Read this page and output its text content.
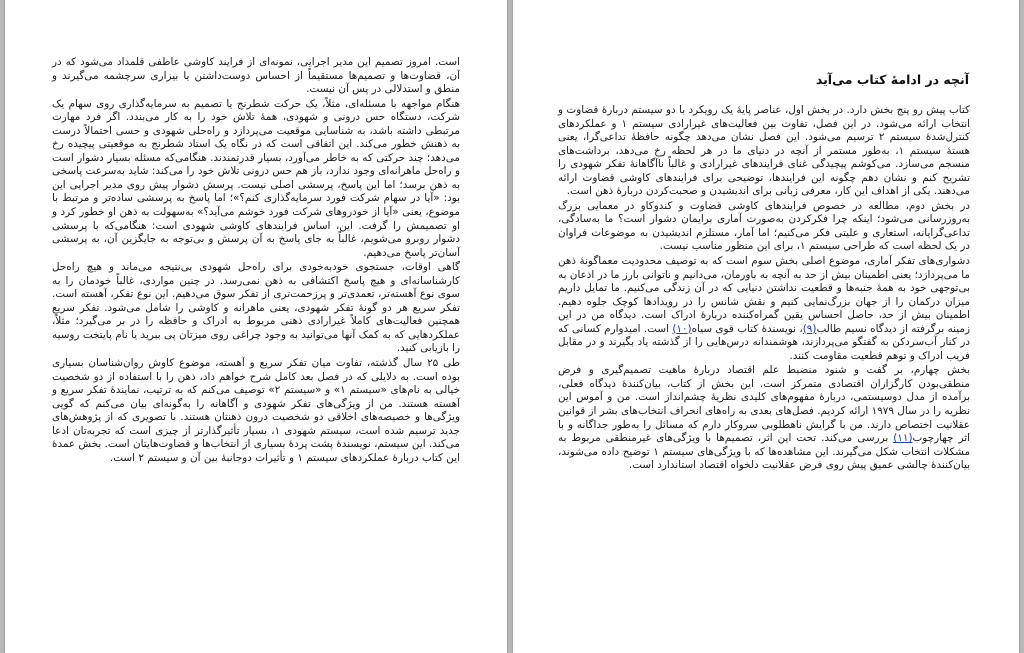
است. امروز تصمیم این مدیر اجرایی، نمونه‌ای از فرایند کاوشی عاطفی قلمداد می‌شود که در آن، قضاوت‌ها و تصمیم‌ها مستقیماً از احساس دوست‌داشتن یا بیزاری سرچشمه می‌گیرند و منطق و استدلالی در پس آن نیست.

هنگام مواجهه با مسئله‌ای، مثلاً، یک حرکت شطرنج یا تصمیم به سرمایه‌گذاری روی سهام یک شرکت، دستگاه حس درونی و شهودی، همهٔ تلاش خود را به کار می‌بندد. اگر فرد مهارت مرتبطی داشته باشد، به شناسایی موقعیت می‌پردازد و راه‌حلی شهودی و حسی احتمالاً درست به ذهنش خطور می‌کند. این اتفاقی است که در نگاه یک استاد شطرنج به موقعیتی پیچیده رخ می‌دهد؛ چند حرکتی که به خاطر می‌آورد، بسیار قدرتمندند. هنگامی‌که مسئله بسیار دشوار است و راه‌حل ماهرانه‌ای وجود ندارد، باز هم حس درونی تلاش خود را می‌کند: شاید به‌سرعت پاسخی به ذهن برسد؛ اما این پاسخ، پرسشی اصلی نیست. پرسش دشوار پیش روی مدیر اجرایی این بود: «آیا در سهام شرکت فورد سرمایه‌گذاری کنم؟»؛ اما پاسخ به پرسشی ساده‌تر و مرتبط با موضوع، یعنی «آیا از خودروهای شرکت فورد خوشم می‌آید؟» به‌سهولت به ذهن او خطور کرد و او تصمیمش را گرفت. این، اساس فرایندهای کاوشی شهودی است: هنگامی‌که با پرسشی دشوار روبرو می‌شویم، غالباً به جای پاسخ به آن پرسش و بی‌توجه به جایگزین آن، به پرسشی آسان‌تر پاسخ می‌دهیم.

گاهی اوقات، جستجوی خودبه‌خودی برای راه‌حل شهودی بی‌نتیجه می‌ماند و هیچ راه‌حل کارشناسانه‌ای و هیچ پاسخ اکتشافی به ذهن نمی‌رسد. در چنین مواردی، غالباً خودمان را به سوی نوع آهسته‌تر، تعمدی‌تر و پرزحمت‌تری از تفکر سوق می‌دهیم. این نوع تفکر، آهسته است. تفکر سریع هر دو گونهٔ تفکر شهودی، یعنی ماهرانه و کاوشی را شامل می‌شود. تفکر سریع همچنین فعالیت‌های کاملاً غیرارادی ذهنی مربوط به ادراک و حافظه را در بر می‌گیرد؛ مثلاً، عملکردهایی که به کمک آنها می‌توانید به وجود چراغی روی میزتان پی ببرید یا نام پایتخت روسیه را بازیابی کنید.

طی ۲۵ سال گذشته، تفاوت میان تفکر سریع و آهسته، موضوع کاوش روان‌شناسان بسیاری بوده است. به دلایلی که در فصل بعد کامل شرح خواهم داد، ذهن را با استفاده از دو شخصیت خیالی به نام‌های «سیستم ۱» و «سیستم ۲» توصیف می‌کنم که به ترتیب، نمایندهٔ تفکر سریع و آهسته هستند. من از ویژگی‌های تفکر شهودی و آگاهانه را به‌گونه‌ای بیان می‌کنم که گویی ویژگی‌ها و خصیصه‌های اخلاقی دو شخصیت درون ذهنتان هستند. با تصویری که از پژوهش‌های جدید ترسیم شده است، سیستم شهودی ۱، بسیار تأثیرگذارتر از چیزی است که تجربه‌تان ادعا می‌کند. این سیستم، نویسندهٔ پشت پردهٔ بسیاری از انتخاب‌ها و قضاوت‌هایتان است. بخش عمدهٔ این کتاب دربارهٔ عملکردهای سیستم ۱ و تأثیرات دوجانبهٔ بین آن و سیستم ۲ است.

آنچه در ادامهٔ کتاب می‌آید

کتاب پیش رو پنج بخش دارد. در بخش اول، عناصر پایهٔ یک رویکرد با دو سیستم دربارهٔ قضاوت و انتخاب ارائه می‌شود. در این فصل، تفاوت بین فعالیت‌های غیرارادی سیستم ۱ و عملکردهای کنترل‌شدهٔ سیستم ۲ ترسیم می‌شود. این فصل نشان می‌دهد چگونه حافظهٔ تداعی‌گرا، یعنی هستهٔ سیستم ۱، به‌طور مستمر از آنچه در دنیای ما در هر لحظه رخ می‌دهد، برداشت‌های منسجم می‌سازد. می‌کوشم پیچیدگی غنای فرایندهای غیرارادی و غالباً ناآگاهانهٔ تفکر شهودی را تشریح کنم و نشان دهم چگونه این فرایندها، توضیحی برای فرایندهای کاوشی قضاوت ارائه می‌دهند. یکی از اهداف این کار، معرفی زبانی برای اندیشیدن و صحبت‌کردن دربارهٔ ذهن است.

در بخش دوم، مطالعه در خصوص فرایندهای کاوشی قضاوت و کندوکاو در معمایی بزرگ به‌روزرسانی می‌شود؛ اینکه چرا فکرکردن به‌صورت آماری برایمان دشوار است؟ ما به‌سادگی، تداعی‌گرایانه، استعاری و علیتی فکر می‌کنیم؛ اما آمار، مستلزم اندیشیدن به موضوعات فراوان در یک لحظه است که طراحی سیستم ۱، برای این منظور مناسب نیست.

دشواری‌های تفکر آماری، موضوع اصلی بخش سوم است که به توصیف محدودیت معماگونهٔ ذهن ما می‌پردازد؛ یعنی اطمینان بیش از حد به آنچه به باورمان، می‌دانیم و ناتوانی بارز ما در اذعان به بی‌توجهی خود به همهٔ جنبه‌ها و قطعیت نداشتن دنیایی که در آن زندگی می‌کنیم. ما تمایل داریم میزان درکمان را از جهان بزرگ‌نمایی کنیم و نقش شانس را در رویدادها کوچک جلوه دهیم. اطمینان بیش از حد، حاصل احساس یقین گمراه‌کننده دربارهٔ ادراک است. دیدگاه من در این زمینه برگرفته از دیدگاه نسیم طالب(۹)، نویسندهٔ کتاب قوی سیاه(۱۰) است. امیدوارم کسانی که در کنار آب‌سردکن به گفتگو می‌پردازند، هوشمندانه درس‌هایی را از گذشته یاد بگیرند و در مقابل فریب ادراک و توهم قطعیت مقاومت کنند.

بخش چهارم، بر گفت و شنود منضبط علم اقتصاد دربارهٔ ماهیت تصمیم‌گیری و فرض منطقی‌بودن کارگزاران اقتصادی متمرکز است. این بخش از کتاب، بیان‌کنندهٔ دیدگاه فعلی، برآمده از مدل دوسیستمی، دربارهٔ مفهوم‌های کلیدی نظریهٔ چشم‌انداز است. من و آموس این نظریه را در سال ۱۹۷۹ ارائه کردیم. فصل‌های بعدی به راه‌های انحراف انتخاب‌های بشر از قوانین عقلانیت اختصاص دارند. من با گرایش ناهطلوبی سروکار دارم که مسائل را به‌طور جداگانه و با اثر چهارچوب(۱۱) بررسی می‌کند. تحت این اثر، تصمیم‌ها با ویژگی‌های غیرمنطقی مربوط به مشکلات انتخاب شکل می‌گیرند. این مشاهده‌ها که با ویژگی‌های سیستم ۱ توضیح داده می‌شوند، بیان‌کنندهٔ چالشی عمیق پیش روی فرض عقلانیت دلخواه اقتصاد استاندارد است.
